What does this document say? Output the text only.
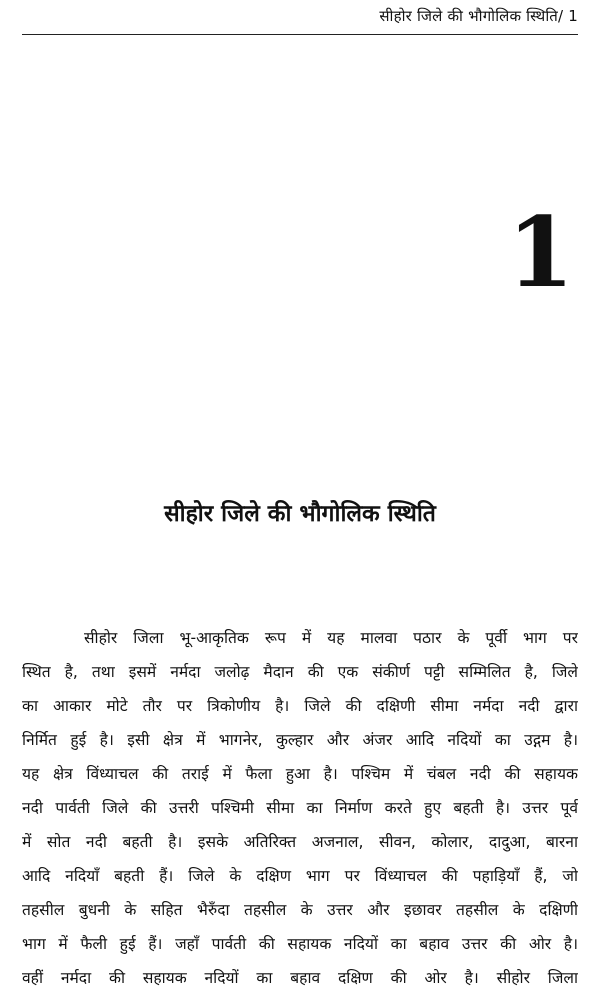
सीहोर जिले की भौगोलिक स्थिति/ 1
1
सीहोर जिले की भौगोलिक स्थिति
सीहोर जिला भू-आकृतिक रूप में यह मालवा पठार के पूर्वी भाग पर
स्थित है, तथा इसमें नर्मदा जलोढ़ मैदान की एक संकीर्ण पट्टी सम्मिलित है, जिले
का आकार मोटे तौर पर त्रिकोणीय है। जिले की दक्षिणी सीमा नर्मदा नदी द्वारा
निर्मित हुई है। इसी क्षेत्र में भागनेर, कुल्हार और अंजर आदि नदियों का उद्गम है।
यह क्षेत्र विंध्याचल की तराई में फैला हुआ है। पश्चिम में चंबल नदी की सहायक
नदी पार्वती जिले की उत्तरी पश्चिमी सीमा का निर्माण करते हुए बहती है। उत्तर पूर्व
में सोत नदी बहती है। इसके अतिरिक्त अजनाल, सीवन, कोलार, दादुआ, बारना
आदि नदियाँ बहती हैं। जिले के दक्षिण भाग पर विंध्याचल की पहाड़ियाँ हैं, जो
तहसील बुधनी के सहित भैरुँदा तहसील के उत्तर और इछावर तहसील के दक्षिणी
भाग में फैली हुई हैं। जहाँ पार्वती की सहायक नदियों का बहाव उत्तर की ओर है।
वहीं नर्मदा की सहायक नदियों का बहाव दक्षिण की ओर है। सीहोर जिला
